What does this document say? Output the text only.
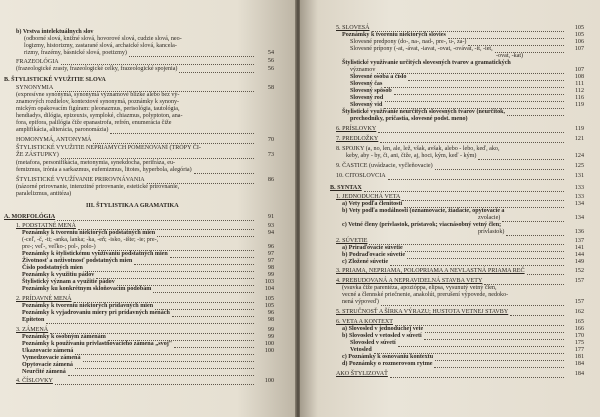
b) Vrstva intelektuálnych slov
(odborné slová, knižné slová, hovorové slová, cudzie slová, neo-
logizmy, historizmy, zastarané slová, archaické slová, kancela-
rizmy, frazémy, básnické slová, poetizmy)
FRAZEOLÓGIA
(frazeologické zrasty, frazeologické celky, frazeologické spojenia)
B. ŠTYLISTICKÉ VYUŽITIE SLOVA
SYNONYMIA
(expresívne synonymá, synonymá významové blízke alebo bez vý-
znamových rozdielov, kontextové synonymá, poznámky k synony-
mickým opakovacím figúram: pleonazmus, perisológia, tautológia,
hendiadys, dilógia, epizeuxis, symploké, chiazmus, polyptoton, ana-
fora, epifora, palilógia čiže epanastrofa, refrén, enumerácia čiže
amplifikácia, aliterácia, paronomázia)
HOMONYMÁ, ANTONYMÁ
ŠTYLISTICKÉ VYUŽITIE NEPRIAMYCH POMENOVANÍ (TRÓPY ČI-
ŽE ZÁSTUPKY)
(metafora, personifikácia, metonymia, synekdocha, perifráza, eu-
femizmus, irónia a sarkazmus, eufemizmus, litotes, hyperbola, alegória)
ŠTYLISTICKÉ VYUŽÍVANIE PRIROVNÁVANIA
(názorné prirovnanie, intenzitné prirovnanie, estetické prirovnanie,
paralelizmus, antitéza)
III. ŠTYLISTIKA A GRAMATIKA
A. MORFOLÓGIA
1. PODSTATNÉ MENÁ
Poznámky k tvoreniu niektorých podstatných mien
(-ceľ, -č, -ti; -anka, lanka; -ka, -eň; -isko, -ište; -ie; pre-,
pre-; veľ-, veľko-; pol-, polo-)
Poznámky k štylistickému využívaniu podstatných mien
Životnosť a neživotnosť podstatných mien
Číslo podstatných mien
Poznámky k využitiu pádov
Štylistický význam a využitie pádov
Poznámky ku konkrétnym skloňovacím podobám
2. PRÍDAVNÉ MENÁ
Poznámky k tvoreniu niektorých prídavných mien
Poznámky k vyjadrovaniu miery pri prídavných menách
Epiteton
3. ZÁMENÁ
Poznámky k osobným zámenám
Poznámky k používaniu privlastňovacieho zámena „svoj"
Ukazovacie zámená
Vymedzovacie zámená
Opytovacie zámená
Neurčité zámená
4. ČÍSLOVKY
54
56
56
58
70
73
86
91
93
94
96
97
97
98
99
103
104
105
105
96
98
99
99
100
100
100
5. SLOVESÁ
Poznámky k tvoreniu niektorých slovies
Slovesné predpony (do-, na-, nad-, pre-, u-, za-)
Slovesné prípony (-at, -ávat, -iavat, -ovat, -ovávat, -it, -iet,
-ovat, -kat)
Štylistické využívanie určitých slovesných tvarov a gramatických
významov
Slovesné osoba a číslo
Slovesný čas
Slovesný spôsob
Slovesný rod
Slovesný vid
Štylistické využívanie neurčitých slovesných tvarov (neurčitok,
prechodníky, príčastia, slovesné podst. meno)
6. PRÍSLOVKY
7. PREDLOŽKY
8. SPOJKY (a, no, len, ale, lež, však, avšak, alebo - lebo, keď, ako,
keby, aby - by, či, ani, čiže, aj, hoci, kým, keď - kým)
9. ČASTICE (uvádzacie, vyčleňovacie)
10. CITOSLOVCIA
B. SYNTAX
1. JEDNODUCHÁ VETA
a) Vety podľa členitosti
b) Vety podľa modálnosti (oznamovacie, žiadacie, opytovacie a
zvolacie)
c) Vetné členy (prívlastok, prístavok; viacnásobný vetný člen;
prívlastok)
2. SÚVETIE
a) Priraďovacie súvetie
b) Podraďovacie súvetie
c) Zložené súvetie
3. PRIAMA, NEPRIAMA, POLOPRIAMA A NEVLASTNÁ PRIAMA REČ
4. PREBUDOVANÁ A NEPRAVIDELNÁ STAVBA VETY
(vsuvka čiže parentéza, apozióppa, elipsa, vysunutý vetný člen,
vecné a člennské priečnenie, anakolút, prerušení výpovede, nedoko-
nená výpoveď)
5. STRUČNOSŤ A ŠÍRKA VÝRAZU; HUSTOTA VETNEJ STAVBY
6. VETA A KONTEXT
a) Slovosled v jednoduchej vete
b) Slovosled v vetosled v súvetí
Slovosled v súvetí
Vetosled
c) Poznámky k osnovaniu kontextu
d) Poznámky o rozmerovom rytme
AKO ŠTYLIZOVAŤ
105
105
106
107
107
108
111
112
116
119
119
121
124
125
131
133
133
134
134
136
137
141
144
149
152
157
157
162
165
166
170
175
177
181
184
184
